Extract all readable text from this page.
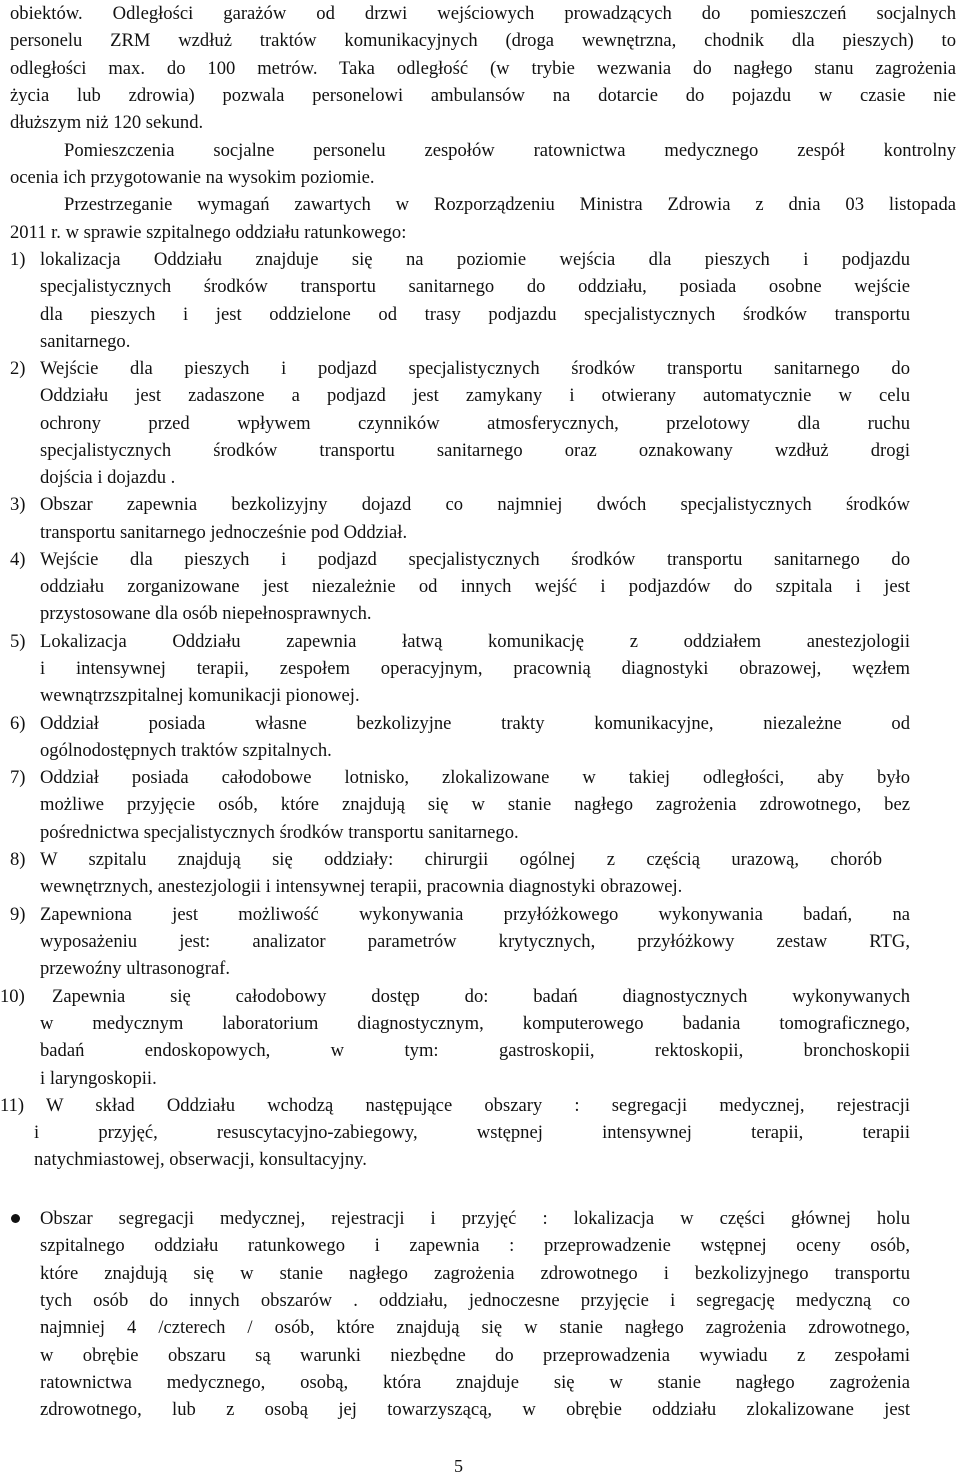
obiektów. Odległości garażów od drzwi wejściowych prowadzących do pomieszczeń socjalnych
personelu ZRM wzdłuż traktów komunikacyjnych (droga wewnętrzna, chodnik dla pieszych) to
odległości max. do 100 metrów. Taka odległość (w trybie wezwania do nagłego stanu zagrożenia
życia lub zdrowia) pozwala personelowi ambulansów na dotarcie do pojazdu w czasie nie
dłuższym niż 120 sekund.
Pomieszczenia socjalne personelu zespołów ratownictwa medycznego zespół kontrolny
ocenia ich przygotowanie na wysokim poziomie.
Przestrzeganie wymagań zawartych w Rozporządzeniu Ministra Zdrowia z dnia 03 listopada
2011 r. w sprawie szpitalnego oddziału ratunkowego:
1) lokalizacja Oddziału znajduje się na poziomie wejścia dla pieszych i podjazdu
specjalistycznych środków transportu sanitarnego do oddziału, posiada osobne wejście
dla pieszych i jest oddzielone od trasy podjazdu specjalistycznych środków transportu
sanitarnego.
2) Wejście dla pieszych i podjazd specjalistycznych środków transportu sanitarnego do
Oddziału jest zadaszone a podjazd jest zamykany i otwierany automatycznie w celu
ochrony przed wpływem czynników atmosferycznych, przelotowy dla ruchu
specjalistycznych środków transportu sanitarnego oraz oznakowany wzdłuż drogi
dojścia i dojazdu .
3) Obszar zapewnia bezkolizyjny dojazd co najmniej dwóch specjalistycznych środków
transportu sanitarnego jednocześnie pod Oddział.
4) Wejście dla pieszych i podjazd specjalistycznych środków transportu sanitarnego do
oddziału zorganizowane jest niezależnie od innych wejść i podjazdów do szpitala i jest
przystosowane dla osób niepełnosprawnych.
5) Lokalizacja Oddziału zapewnia łatwą komunikację z oddziałem anestezjologii
i intensywnej terapii, zespołem operacyjnym, pracownią diagnostyki obrazowej, węzłem
wewnątrzszpitalnej komunikacji pionowej.
6) Oddział posiada własne bezkolizyjne trakty komunikacyjne, niezależne od
ogólnodostępnych traktów szpitalnych.
7) Oddział posiada całodobowe lotnisko, zlokalizowane w takiej odległości, aby było
możliwe przyjęcie osób, które znajdują się w stanie nagłego zagrożenia zdrowotnego, bez
pośrednictwa specjalistycznych środków transportu sanitarnego.
8) W szpitalu znajdują się oddziały: chirurgii ogólnej z częścią urazową, chorób
wewnętrznych, anestezjologii i intensywnej terapii, pracownia diagnostyki obrazowej.
9) Zapewniona jest możliwość wykonywania przyłóżkowego wykonywania badań, na
wyposażeniu jest: analizator parametrów krytycznych, przyłóżkowy zestaw RTG,
przewoźny ultrasonograf.
10) Zapewnia się całodobowy dostęp do: badań diagnostycznych wykonywanych
w medycznym laboratorium diagnostycznym, komputerowego badania tomograficznego,
badań endoskopowych, w tym: gastroskopii, rektoskopii, bronchoskopii
i laryngoskopii.
11) W skład Oddziału wchodzą następujące obszary : segregacji medycznej, rejestracji
i przyjęć, resuscytacyjno-zabiegowy, wstępnej intensywnej terapii, terapii
natychmiastowej, obserwacji, konsultacyjny.
Obszar segregacji medycznej, rejestracji i przyjęć : lokalizacja w części głównej holu
szpitalnego oddziału ratunkowego i zapewnia : przeprowadzenie wstępnej oceny osób,
które znajdują się w stanie nagłego zagrożenia zdrowotnego i bezkolizyjnego transportu
tych osób do innych obszarów . oddziału, jednoczesne przyjęcie i segregację medyczną co
najmniej 4 /czterech / osób, które znajdują się w stanie nagłego zagrożenia zdrowotnego,
w obrębie obszaru są warunki niezbędne do przeprowadzenia wywiadu z zespołami
ratownictwa medycznego, osobą, która znajduje się w stanie nagłego zagrożenia
zdrowotnego, lub z osobą jej towarzyszącą, w obrębie oddziału zlokalizowane jest
5
